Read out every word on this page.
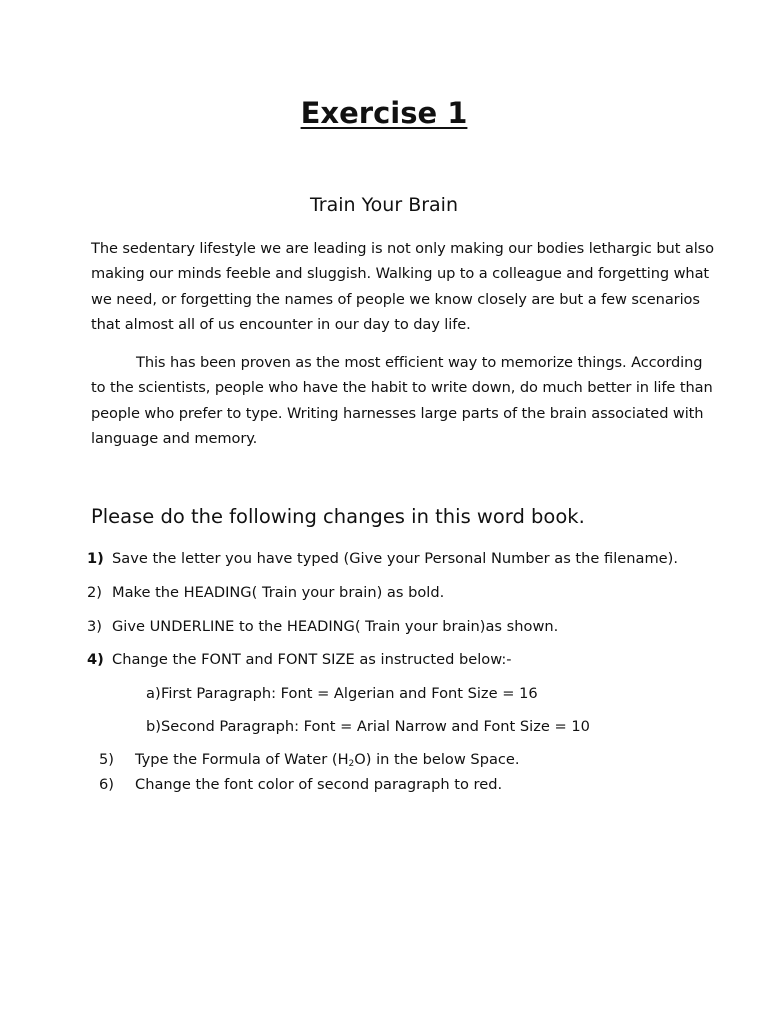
Exercise 1
Train Your Brain
The sedentary lifestyle we are leading is not only making our bodies lethargic but also
making our minds feeble and sluggish. Walking up to a colleague and forgetting what
we need, or forgetting the names of people we know closely are but a few scenarios
that almost all of us encounter in our day to day life.
This has been proven as the most efficient way to memorize things. According
to the scientists, people who have the habit to write down, do much better in life than
people who prefer to type. Writing harnesses large parts of the brain associated with
language and memory.
Please do the following changes in this word book.
1) Save the letter you have typed (Give your Personal Number as the filename).
2) Make the HEADING( Train your brain) as bold.
3) Give UNDERLINE to the HEADING( Train your brain)as shown.
4) Change the FONT and FONT SIZE as instructed below:-
a) First Paragraph: Font = Algerian and Font Size = 16
b) Second Paragraph: Font = Arial Narrow and Font Size = 10
5) Type the Formula of Water $(H_2O)$ in the below Space.
6) Change the font color of second paragraph to red.
